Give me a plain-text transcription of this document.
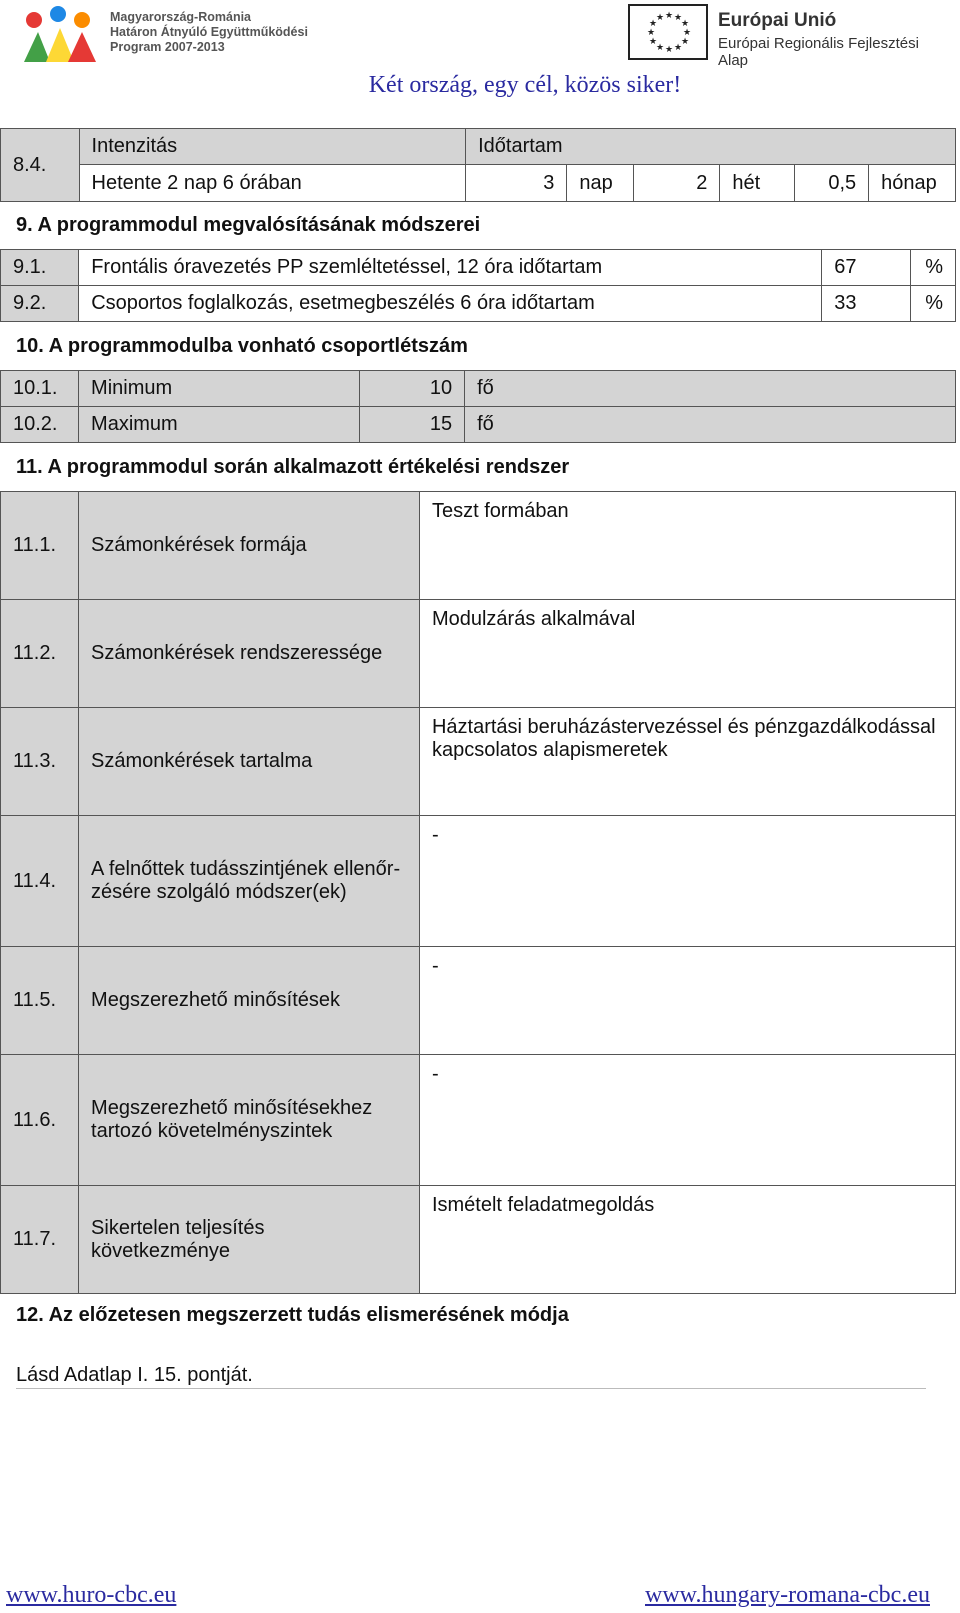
Magyarország-Románia
Határon Átnyúló Együttműködési
Program 2007-2013
★ ★
★
★
★
★
★
★
★
★
★
★	Európai Unió
Európai Regionális Fejlesztési Alap
Két ország, egy cél, közös siker!
8.4.	Intenzitás	Időtartam					
	Hetente 2 nap 6 órában	3	nap	2	hét	0,5	hónap
9. A programmodul megvalósításának módszerei
9.1.	Frontális óravezetés PP szemléltetéssel, 12 óra időtartam	67	%
9.2.	Csoportos foglalkozás, esetmegbeszélés 6 óra időtartam	33	%
10. A programmodulba vonható csoportlétszám
10.1.	Minimum	10	fő
10.2.	Maximum	15	fő
11. A programmodul során alkalmazott értékelési rendszer
11.1.	Számonkérések formája	Teszt formában
11.2.	Számonkérések rendszeressége	Modulzárás alkalmával
11.3.	Számonkérések tartalma	Háztartási beruházástervezéssel és pénzgazdálkodással kapcsolatos alapismeretek
11.4.	A felnőttek tudásszintjének ellenőr-zésére szolgáló módszer(ek)	-
11.5.	Megszerezhető minősítések	-
11.6.	Megszerezhető minősítésekhez tartozó követelményszintek	-
11.7.	Sikertelen teljesítés következménye	Ismételt feladatmegoldás
12. Az előzetesen megszerzett tudás elismerésének módja
Lásd Adatlap I. 15. pontját.
www.huro-cbc.eu	www.hungary-romana-cbc.eu
